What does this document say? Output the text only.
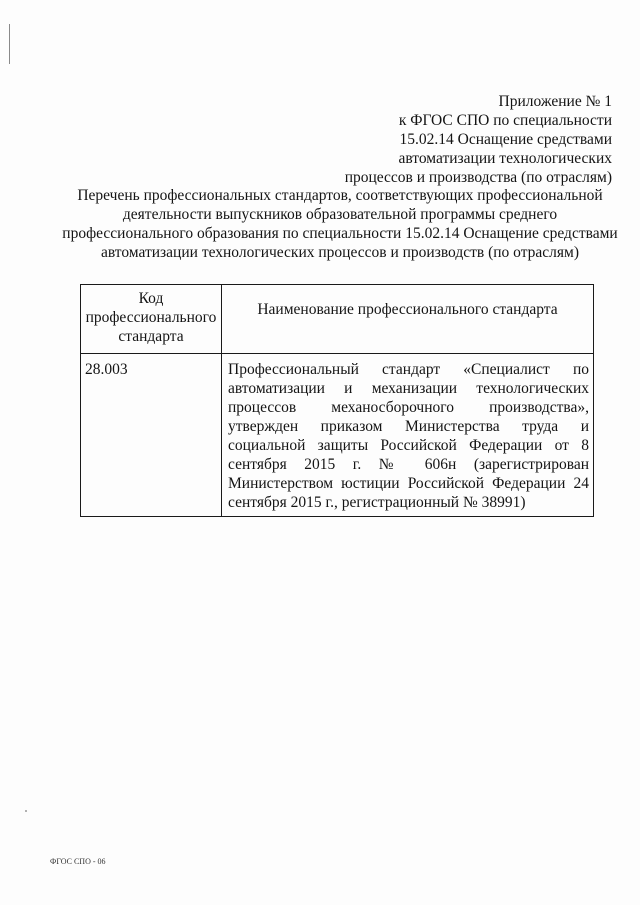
Приложение № 1
к ФГОС СПО по специальности
15.02.14 Оснащение средствами
автоматизации технологических
процессов и производства (по отраслям)
Перечень профессиональных стандартов, соответствующих профессиональной
деятельности выпускников образовательной программы среднего
профессионального образования по специальности 15.02.14 Оснащение средствами
автоматизации технологических процессов и производств (по отраслям)
Код профессионального стандарта	Наименование профессионального стандарта
28.003	Профессиональный стандарт «Специалист по автоматизации и механизации технологических процессов механосборочного производства», утвержден приказом Министерства труда и социальной защиты Российской Федерации от 8 сентября 2015 г. № 606н (зарегистрирован Министерством юстиции Российской Федерации 24 сентября 2015 г., регистрационный № 38991)
ФГОС СПО - 06
